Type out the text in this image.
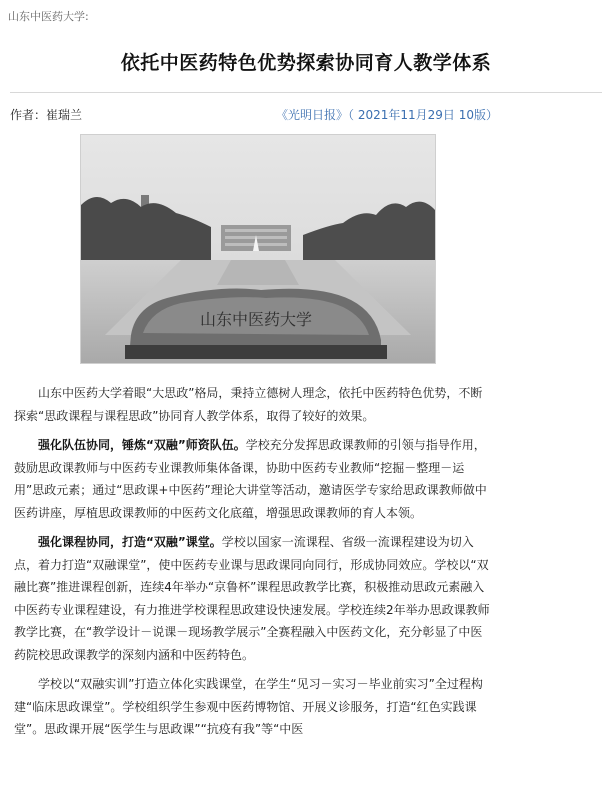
山东中医药大学:
依托中医药特色优势探索协同育人教学体系
作者：崔瑞兰	《光明日报》（ 2021年11月29日 10版）
山东中医药大学

山东中医药大学着眼“大思政”格局，秉持立德树人理念，依托中医药特色优势，不断探索“思政课程与课程思政”协同育人教学体系，取得了较好的效果。

强化队伍协同，锤炼“双融”师资队伍。学校充分发挥思政课教师的引领与指导作用，鼓励思政课教师与中医药专业课教师集体备课，协助中医药专业教师“挖掘－整理－运用”思政元素；通过“思政课+中医药”理论大讲堂等活动，邀请医学专家给思政课教师做中医药讲座，厚植思政课教师的中医药文化底蕴，增强思政课教师的育人本领。

强化课程协同，打造“双融”课堂。学校以国家一流课程、省级一流课程建设为切入点，着力打造“双融课堂”，使中医药专业课与思政课同向同行，形成协同效应。学校以“双融比赛”推进课程创新，连续4年举办“京鲁杯”课程思政教学比赛，积极推动思政元素融入中医药专业课程建设，有力推进学校课程思政建设快速发展。学校连续2年举办思政课教师教学比赛，在“教学设计－说课－现场教学展示”全赛程融入中医药文化，充分彰显了中医药院校思政课教学的深刻内涵和中医药特色。

学校以“双融实训”打造立体化实践课堂，在学生“见习－实习－毕业前实习”全过程构建“临床思政课堂”。学校组织学生参观中医药博物馆、开展义诊服务，打造“红色实践课堂”。思政课开展“医学生与思政课”“抗疫有我”等“中医
